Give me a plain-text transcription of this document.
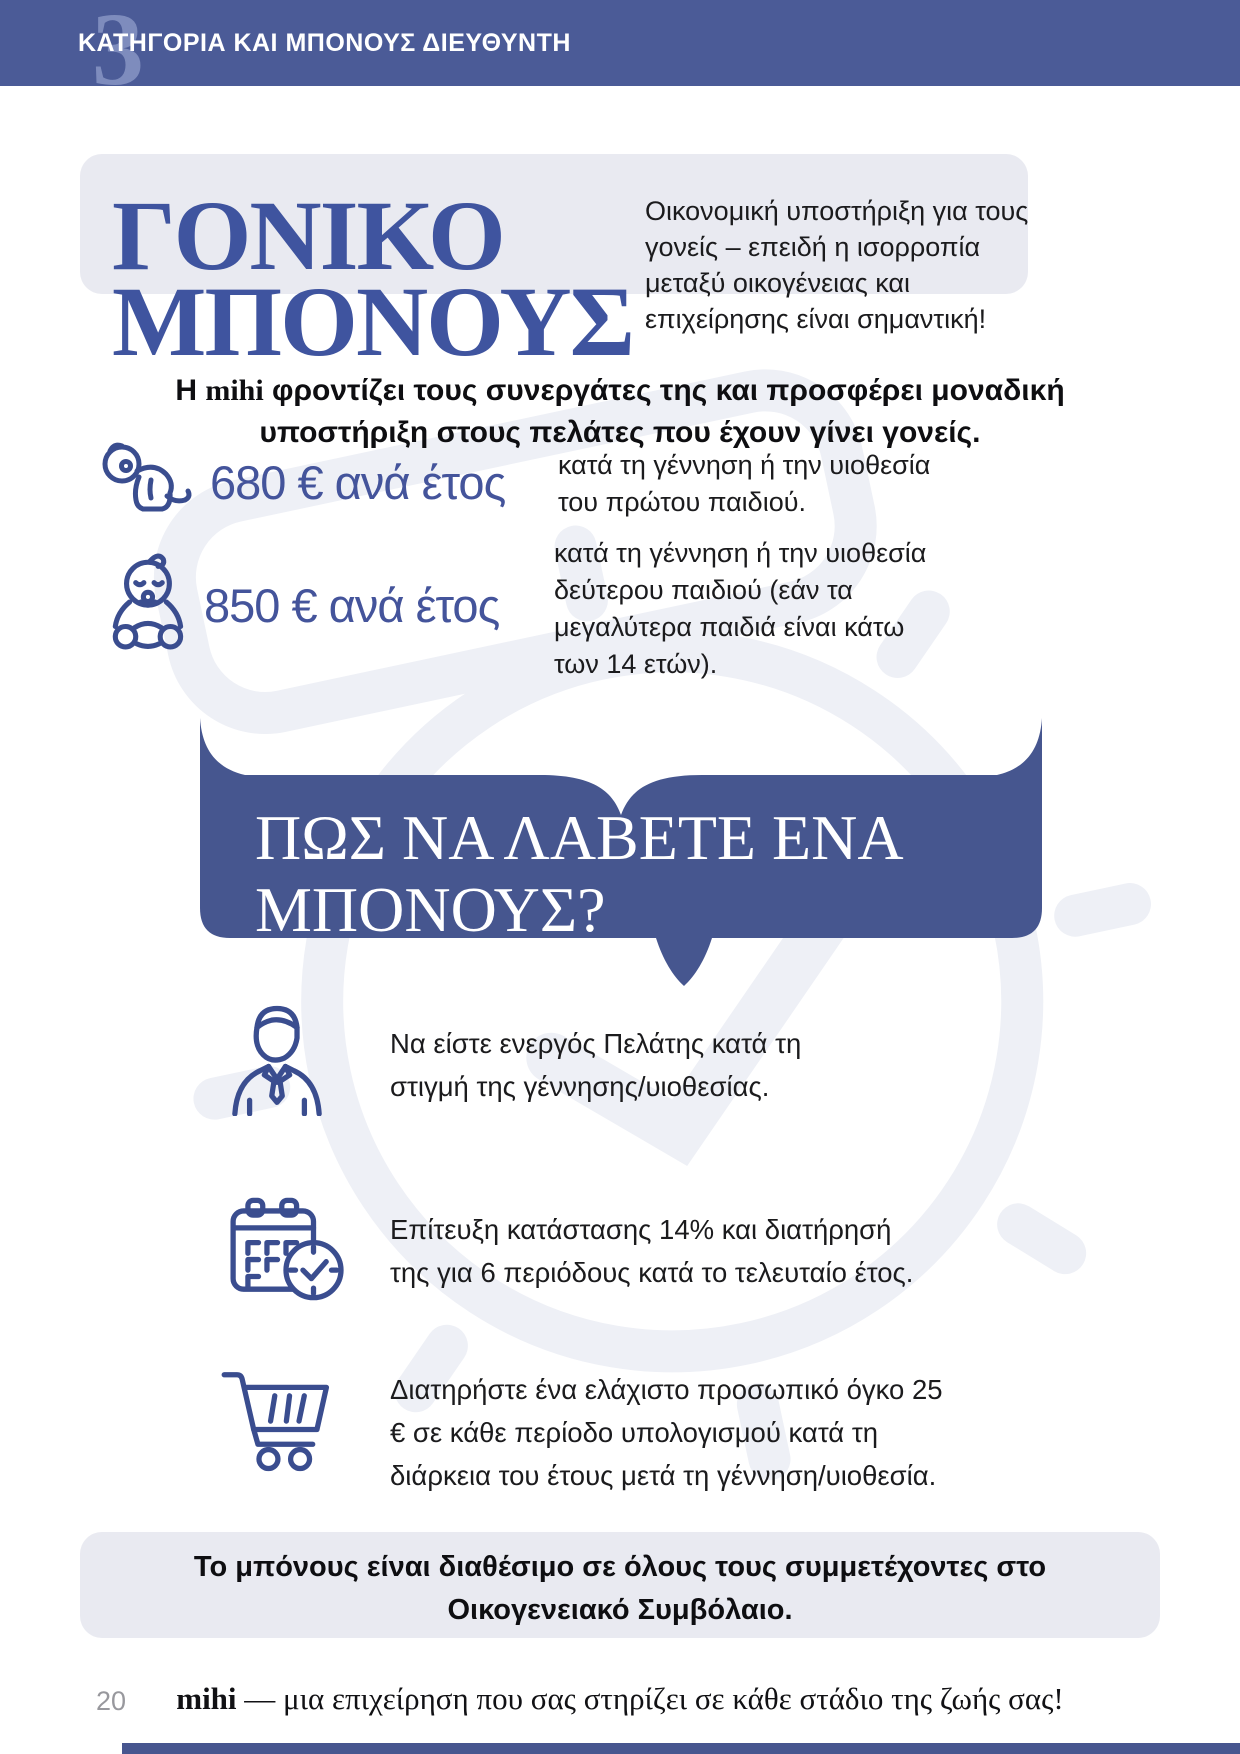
3
ΚΑΤΗΓΟΡΙΑ ΚΑΙ ΜΠΟΝΟΥΣ ΔΙΕΥΘΥΝΤΗ
ΓΟΝΙΚΟ
ΜΠΟΝΟΥΣ

Οικονομική υποστήριξη για τους γονείς – επειδή η ισορροπία μεταξύ οικογένειας και επιχείρησης είναι σημαντική!

Η mihi φροντίζει τους συνεργάτες της και προσφέρει μοναδική υποστήριξη στους πελάτες που έχουν γίνει γονείς.

680 € ανά έτος κατά τη γέννηση ή την υιοθεσία του πρώτου παιδιού.
850 € ανά έτος
κατά τη γέννηση ή την υιοθεσία δεύτερου παιδιού (εάν τα μεγαλύτερα παιδιά είναι κάτω των 14 ετών).
ΠΩΣ ΝΑ ΛΑΒΕΤΕ ΕΝΑ
ΜΠΟΝΟΥΣ?
Να είστε ενεργός Πελάτης κατά τη στιγμή της γέννησης/υιοθεσίας.
Επίτευξη κατάστασης 14% και διατήρησή της για 6 περιόδους κατά το τελευταίο έτος.
Διατηρήστε ένα ελάχιστο προσωπικό όγκο 25 € σε κάθε περίοδο υπολογισμού κατά τη διάρκεια του έτους μετά τη γέννηση/υιοθεσία.
Το μπόνους είναι διαθέσιμο σε όλους τους συμμετέχοντες στο Οικογενειακό Συμβόλαιο.

mihi — μια επιχείρηση που σας στηρίζει σε κάθε στάδιο της ζωής σας!

20
